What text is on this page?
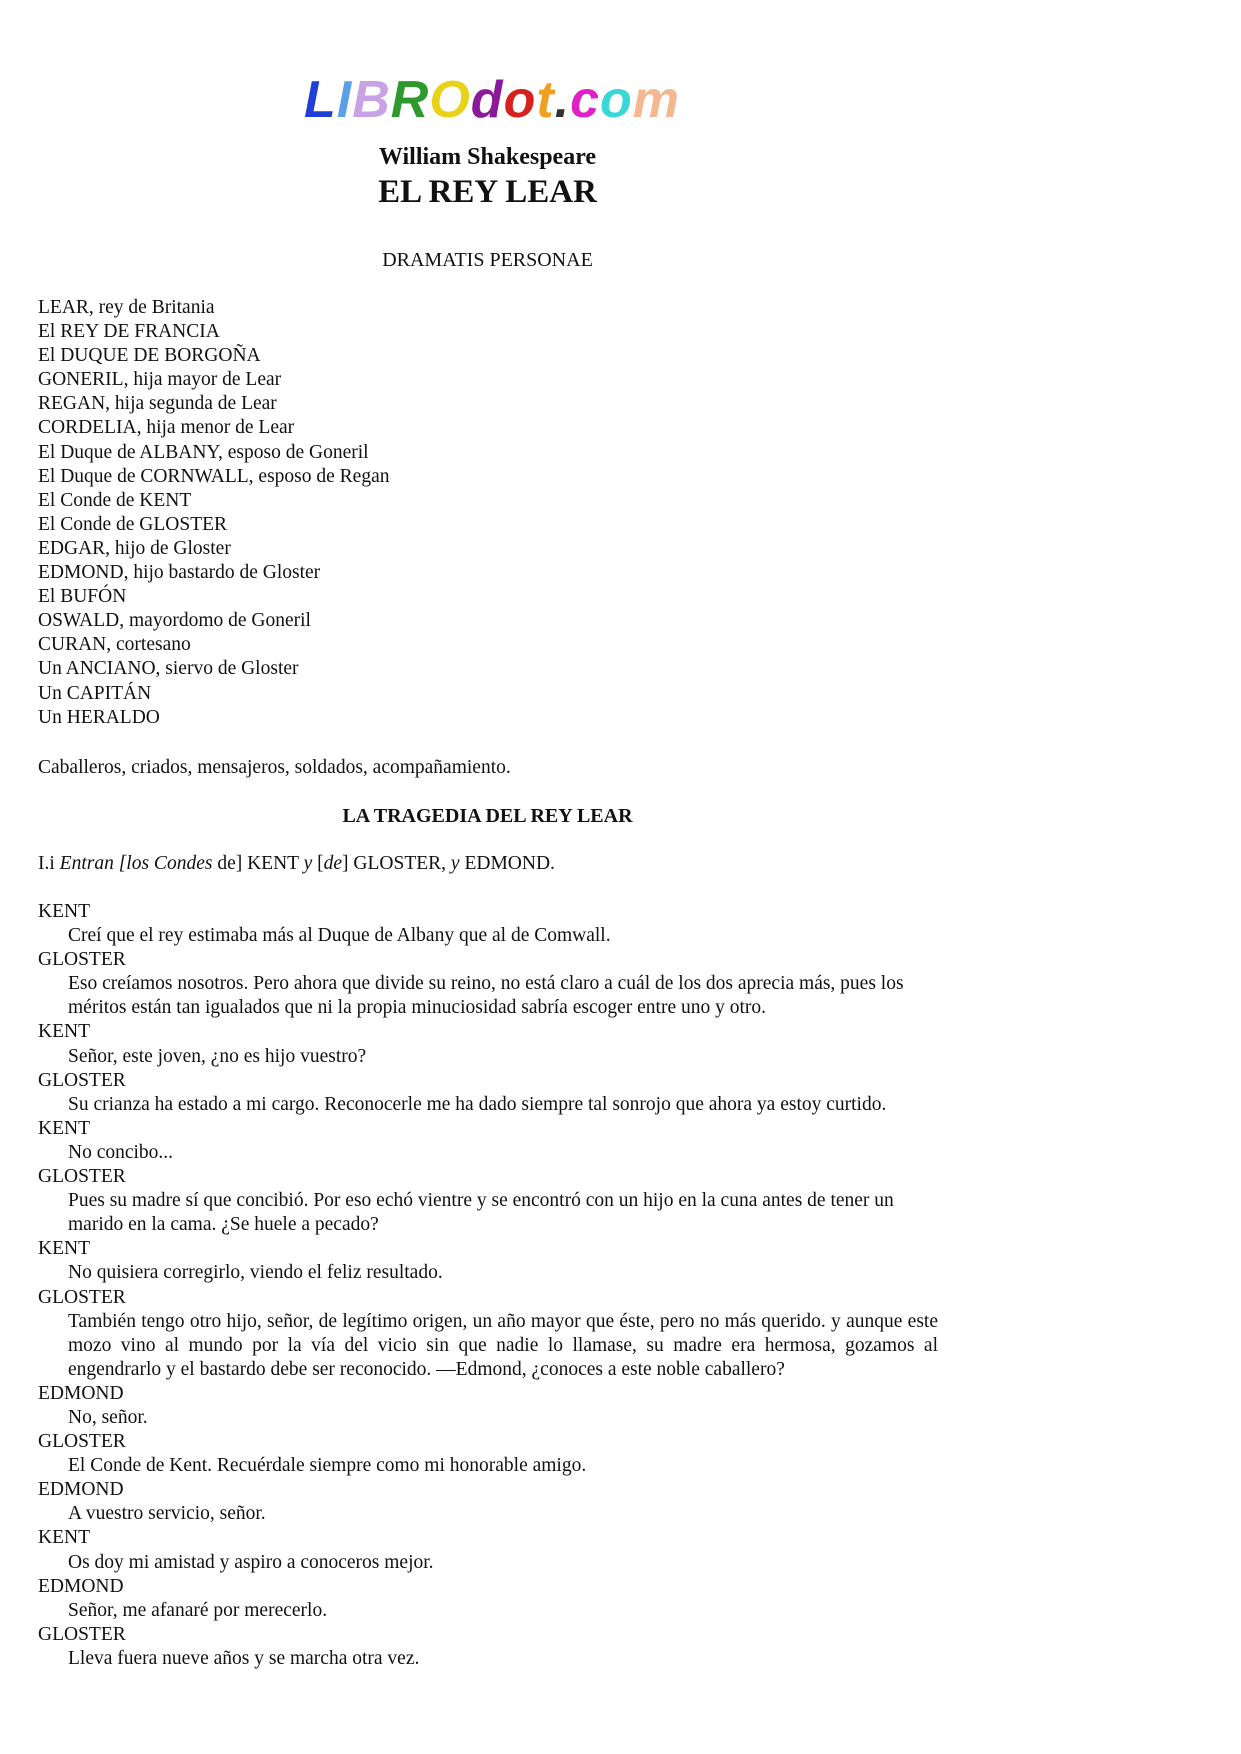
LIBROdot.com
William Shakespeare
EL REY LEAR
DRAMATIS PERSONAE
LEAR, rey de Britania
El REY DE FRANCIA
El DUQUE DE BORGOÑA
GONERIL, hija mayor de Lear
REGAN, hija segunda de Lear
CORDELIA, hija menor de Lear
El Duque de ALBANY, esposo de Goneril
El Duque de CORNWALL, esposo de Regan
El Conde de KENT
El Conde de GLOSTER
EDGAR, hijo de Gloster
EDMOND, hijo bastardo de Gloster
El BUFÓN
OSWALD, mayordomo de Goneril
CURAN, cortesano
Un ANCIANO, siervo de Gloster
Un CAPITÁN
Un HERALDO
Caballeros, criados, mensajeros, soldados, acompañamiento.
LA TRAGEDIA DEL REY LEAR
I.i Entran [los Condes de] KENT y [de] GLOSTER, y EDMOND.
KENT
Creí que el rey estimaba más al Duque de Albany que al de Comwall.
GLOSTER
Eso creíamos nosotros. Pero ahora que divide su reino, no está claro a cuál de los dos aprecia más, pues los méritos están tan igualados que ni la propia minuciosidad sabría escoger entre uno y otro.
KENT
Señor, este joven, ¿no es hijo vuestro?
GLOSTER
Su crianza ha estado a mi cargo. Reconocerle me ha dado siempre tal sonrojo que ahora ya estoy curtido.
KENT
No concibo...
GLOSTER
Pues su madre sí que concibió. Por eso echó vientre y se encontró con un hijo en la cuna antes de tener un marido en la cama. ¿Se huele a pecado?
KENT
No quisiera corregirlo, viendo el feliz resultado.
GLOSTER
También tengo otro hijo, señor, de legítimo origen, un año mayor que éste, pero no más querido. y aunque este mozo vino al mundo por la vía del vicio sin que nadie lo llamase, su madre era hermosa, gozamos al engendrarlo y el bastardo debe ser reconocido. —Edmond, ¿conoces a este noble caballero?
EDMOND
No, señor.
GLOSTER
El Conde de Kent. Recuérdale siempre como mi honorable amigo.
EDMOND
A vuestro servicio, señor.
KENT
Os doy mi amistad y aspiro a conoceros mejor.
EDMOND
Señor, me afanaré por merecerlo.
GLOSTER
Lleva fuera nueve años y se marcha otra vez.
